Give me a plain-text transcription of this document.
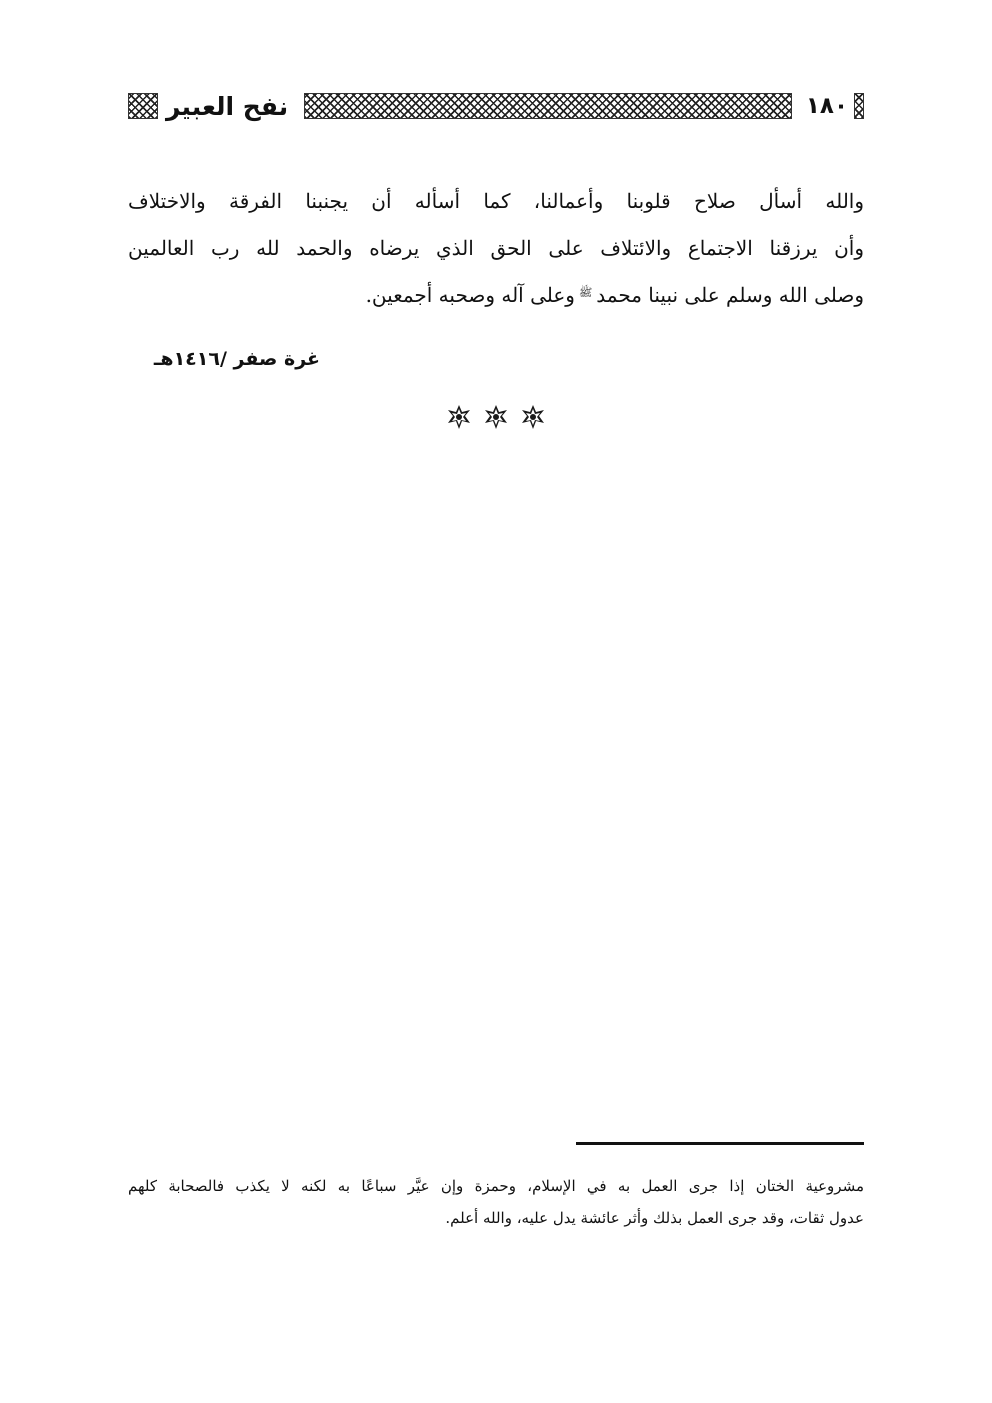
١٨٠
نفح العبير

والله أسأل صلاح قلوبنا وأعمالنا، كما أسأله أن يجنبنا الفرقة والاختلاف

وأن يرزقنا الاجتماع والائتلاف على الحق الذي يرضاه والحمد لله رب العالمين

وصلى الله وسلم على نبينا محمدﷺوعلى آله وصحبه أجمعين.

غرة صفر /١٤١٦هـ

مشروعية الختان إذا جرى العمل به في الإسلام، وحمزة وإن عيَّر سباعًا به لكنه لا يكذب فالصحابة كلهم

عدول ثقات، وقد جرى العمل بذلك وأثر عائشة يدل عليه، والله أعلم.
